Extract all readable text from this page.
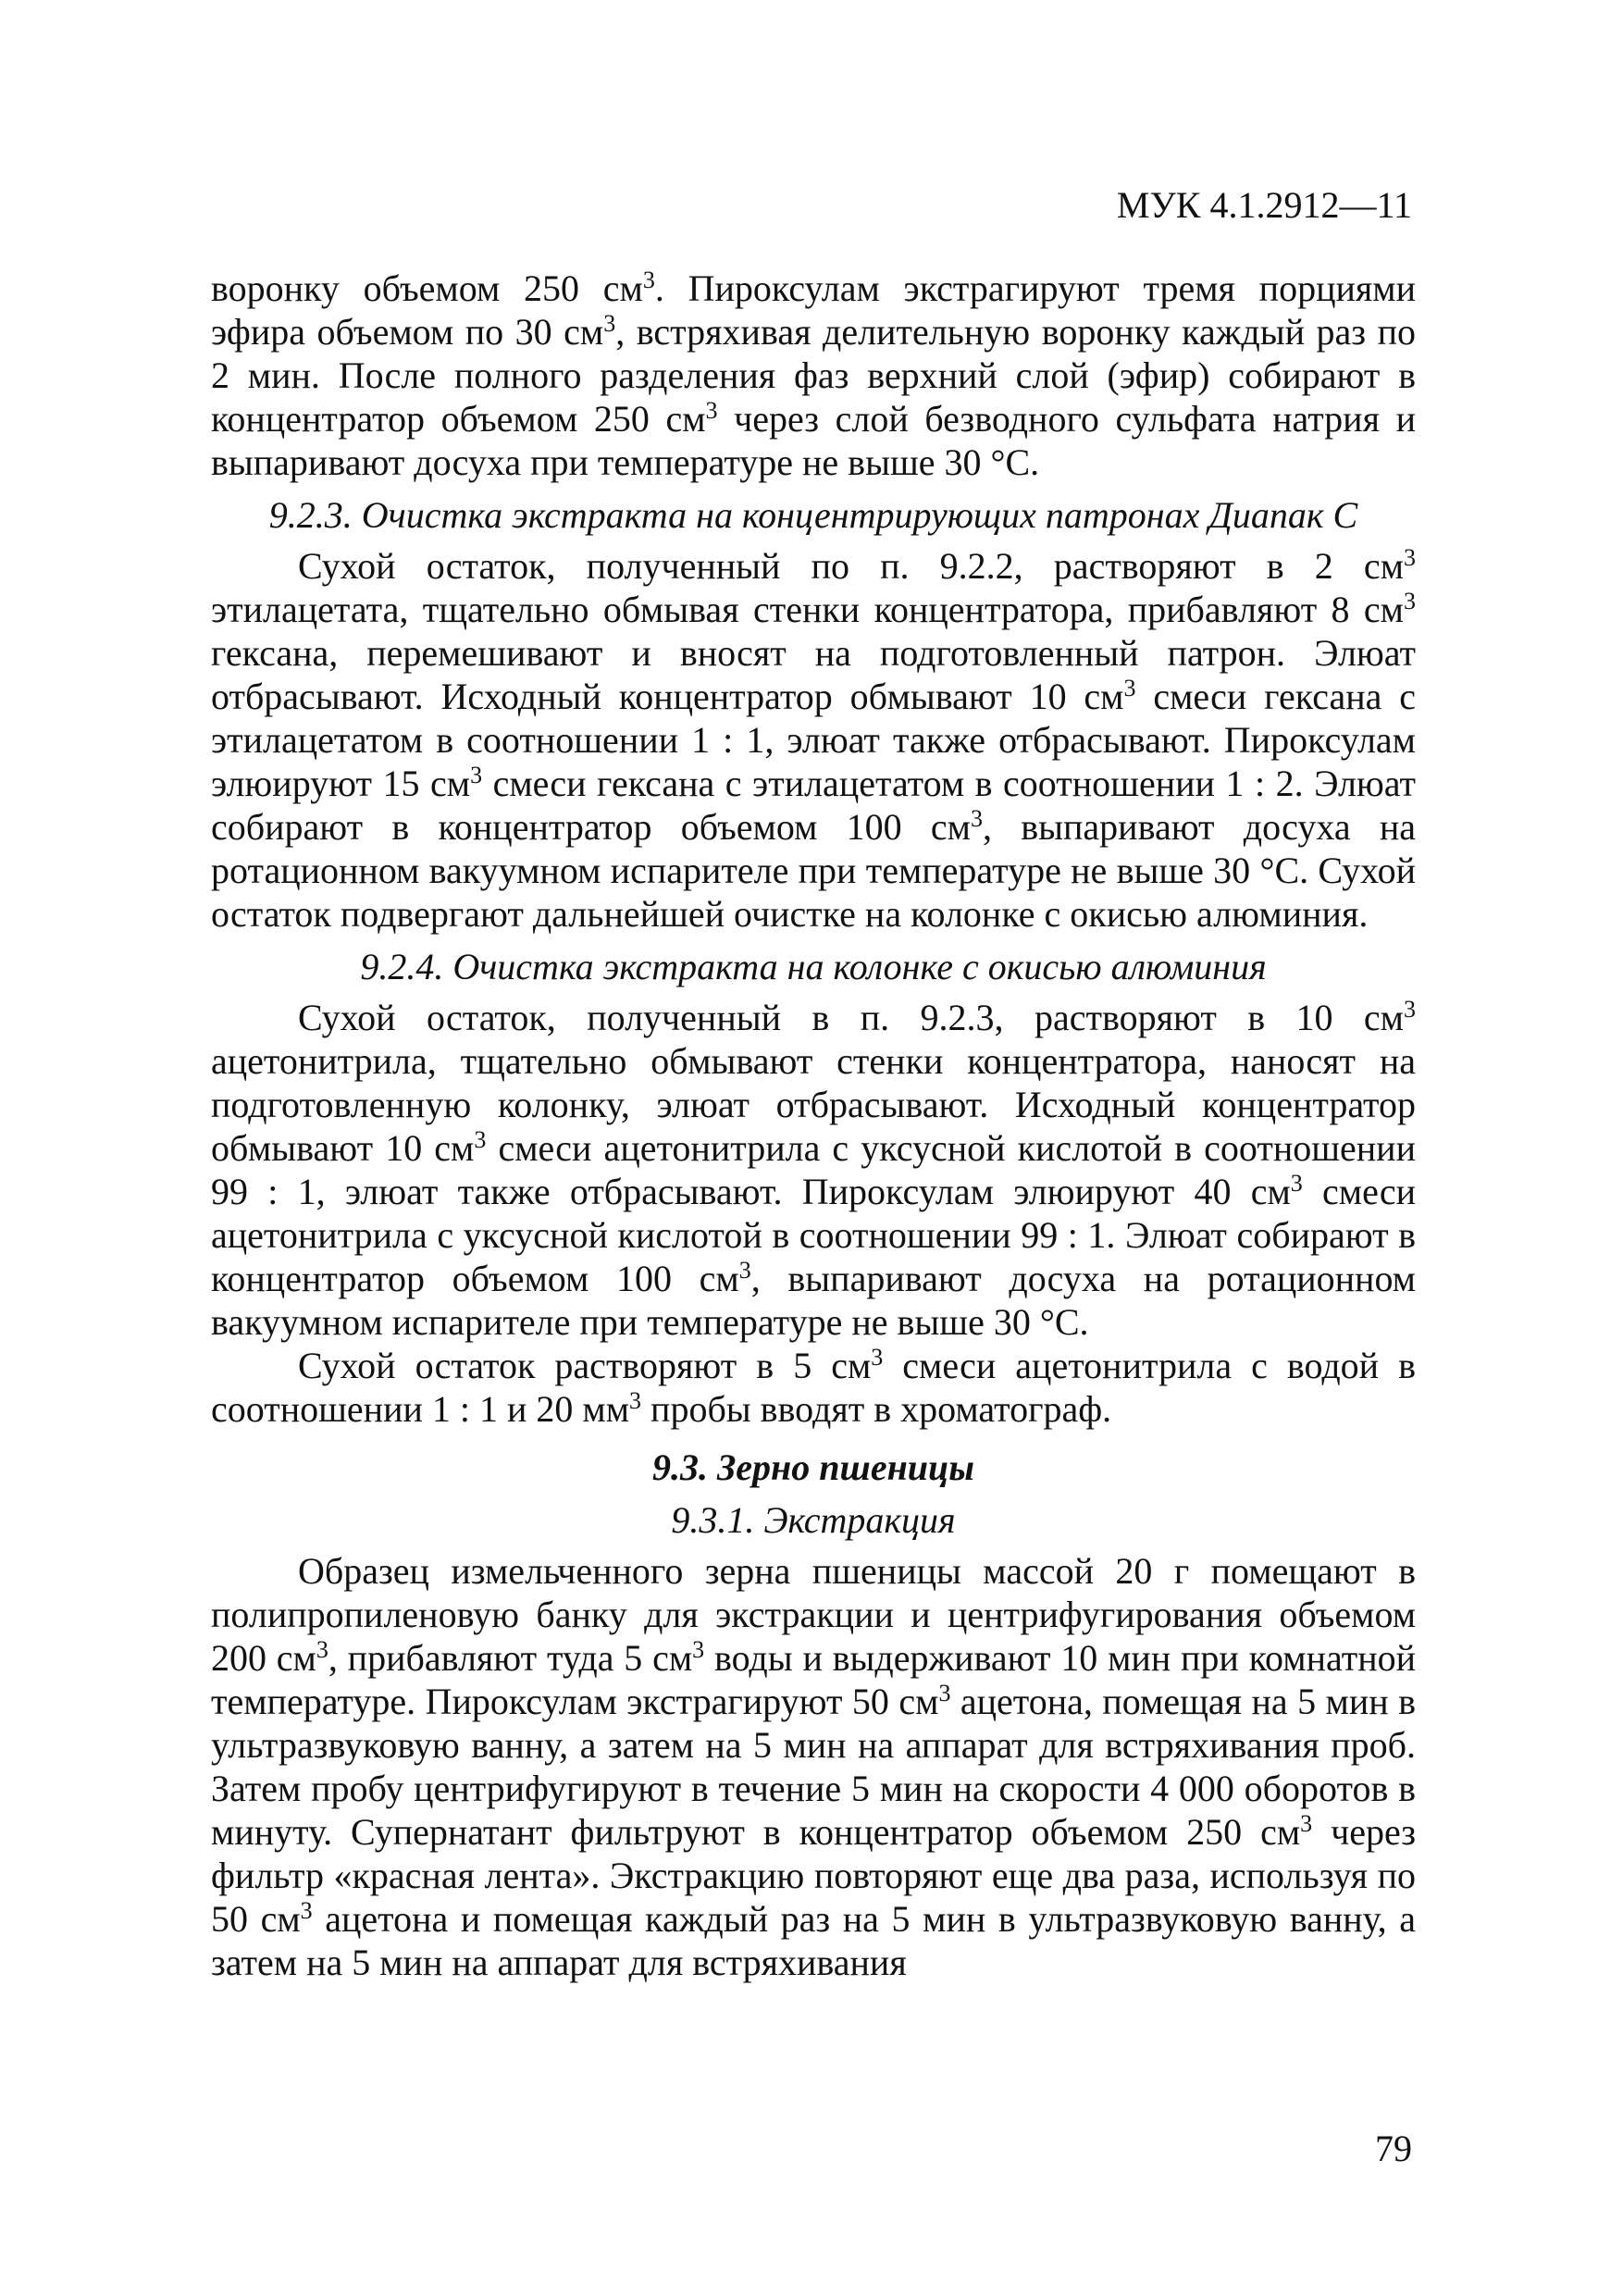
МУК 4.1.2912—11

воронку объемом 250 $см^3$. Пироксулам экстрагируют тремя порциями эфира объемом по 30 $см^3$, встряхивая делительную воронку каждый раз по 2 мин. После полного разделения фаз верхний слой (эфир) собирают в концентратор объемом 250 $см^3$ через слой безводного сульфата натрия и выпаривают досуха при температуре не выше 30 °С.

9.2.3. Очистка экстракта на концентрирующих патронах Диапак С

Сухой остаток, полученный по п. 9.2.2, растворяют в 2 $см^3$ этилацетата, тщательно обмывая стенки концентратора, прибавляют 8 $см^3$ гексана, перемешивают и вносят на подготовленный патрон. Элюат отбрасывают. Исходный концентратор обмывают 10 $см^3$ смеси гексана с этилацетатом в соотношении 1 : 1, элюат также отбрасывают. Пироксулам элюируют 15 $см^3$ смеси гексана с этилацетатом в соотношении 1 : 2. Элюат собирают в концентратор объемом 100 $см^3$, выпаривают досуха на ротационном вакуумном испарителе при температуре не выше 30 °С. Сухой остаток подвергают дальнейшей очистке на колонке с окисью алюминия.

9.2.4. Очистка экстракта на колонке с окисью алюминия

Сухой остаток, полученный в п. 9.2.3, растворяют в 10 $см^3$ ацетонитрила, тщательно обмывают стенки концентратора, наносят на подготовленную колонку, элюат отбрасывают. Исходный концентратор обмывают 10 $см^3$ смеси ацетонитрила с уксусной кислотой в соотношении 99 : 1, элюат также отбрасывают. Пироксулам элюируют 40 $см^3$ смеси ацетонитрила с уксусной кислотой в соотношении 99 : 1. Элюат собирают в концентратор объемом 100 $см^3$, выпаривают досуха на ротационном вакуумном испарителе при температуре не выше 30 °С.

Сухой остаток растворяют в 5 $см^3$ смеси ацетонитрила с водой в соотношении 1 : 1 и 20 $мм^3$ пробы вводят в хроматограф.

9.3. Зерно пшеницы

9.3.1. Экстракция

Образец измельченного зерна пшеницы массой 20 г помещают в полипропиленовую банку для экстракции и центрифугирования объемом 200 $см^3$, прибавляют туда 5 $см^3$ воды и выдерживают 10 мин при комнатной температуре. Пироксулам экстрагируют 50 $см^3$ ацетона, помещая на 5 мин в ультразвуковую ванну, а затем на 5 мин на аппарат для встряхивания проб. Затем пробу центрифугируют в течение 5 мин на скорости 4 000 оборотов в минуту. Супернатант фильтруют в концентратор объемом 250 $см^3$ через фильтр «красная лента». Экстракцию повторяют еще два раза, используя по 50 $см^3$ ацетона и помещая каждый раз на 5 мин в ультразвуковую ванну, а затем на 5 мин на аппарат для встряхивания

79
